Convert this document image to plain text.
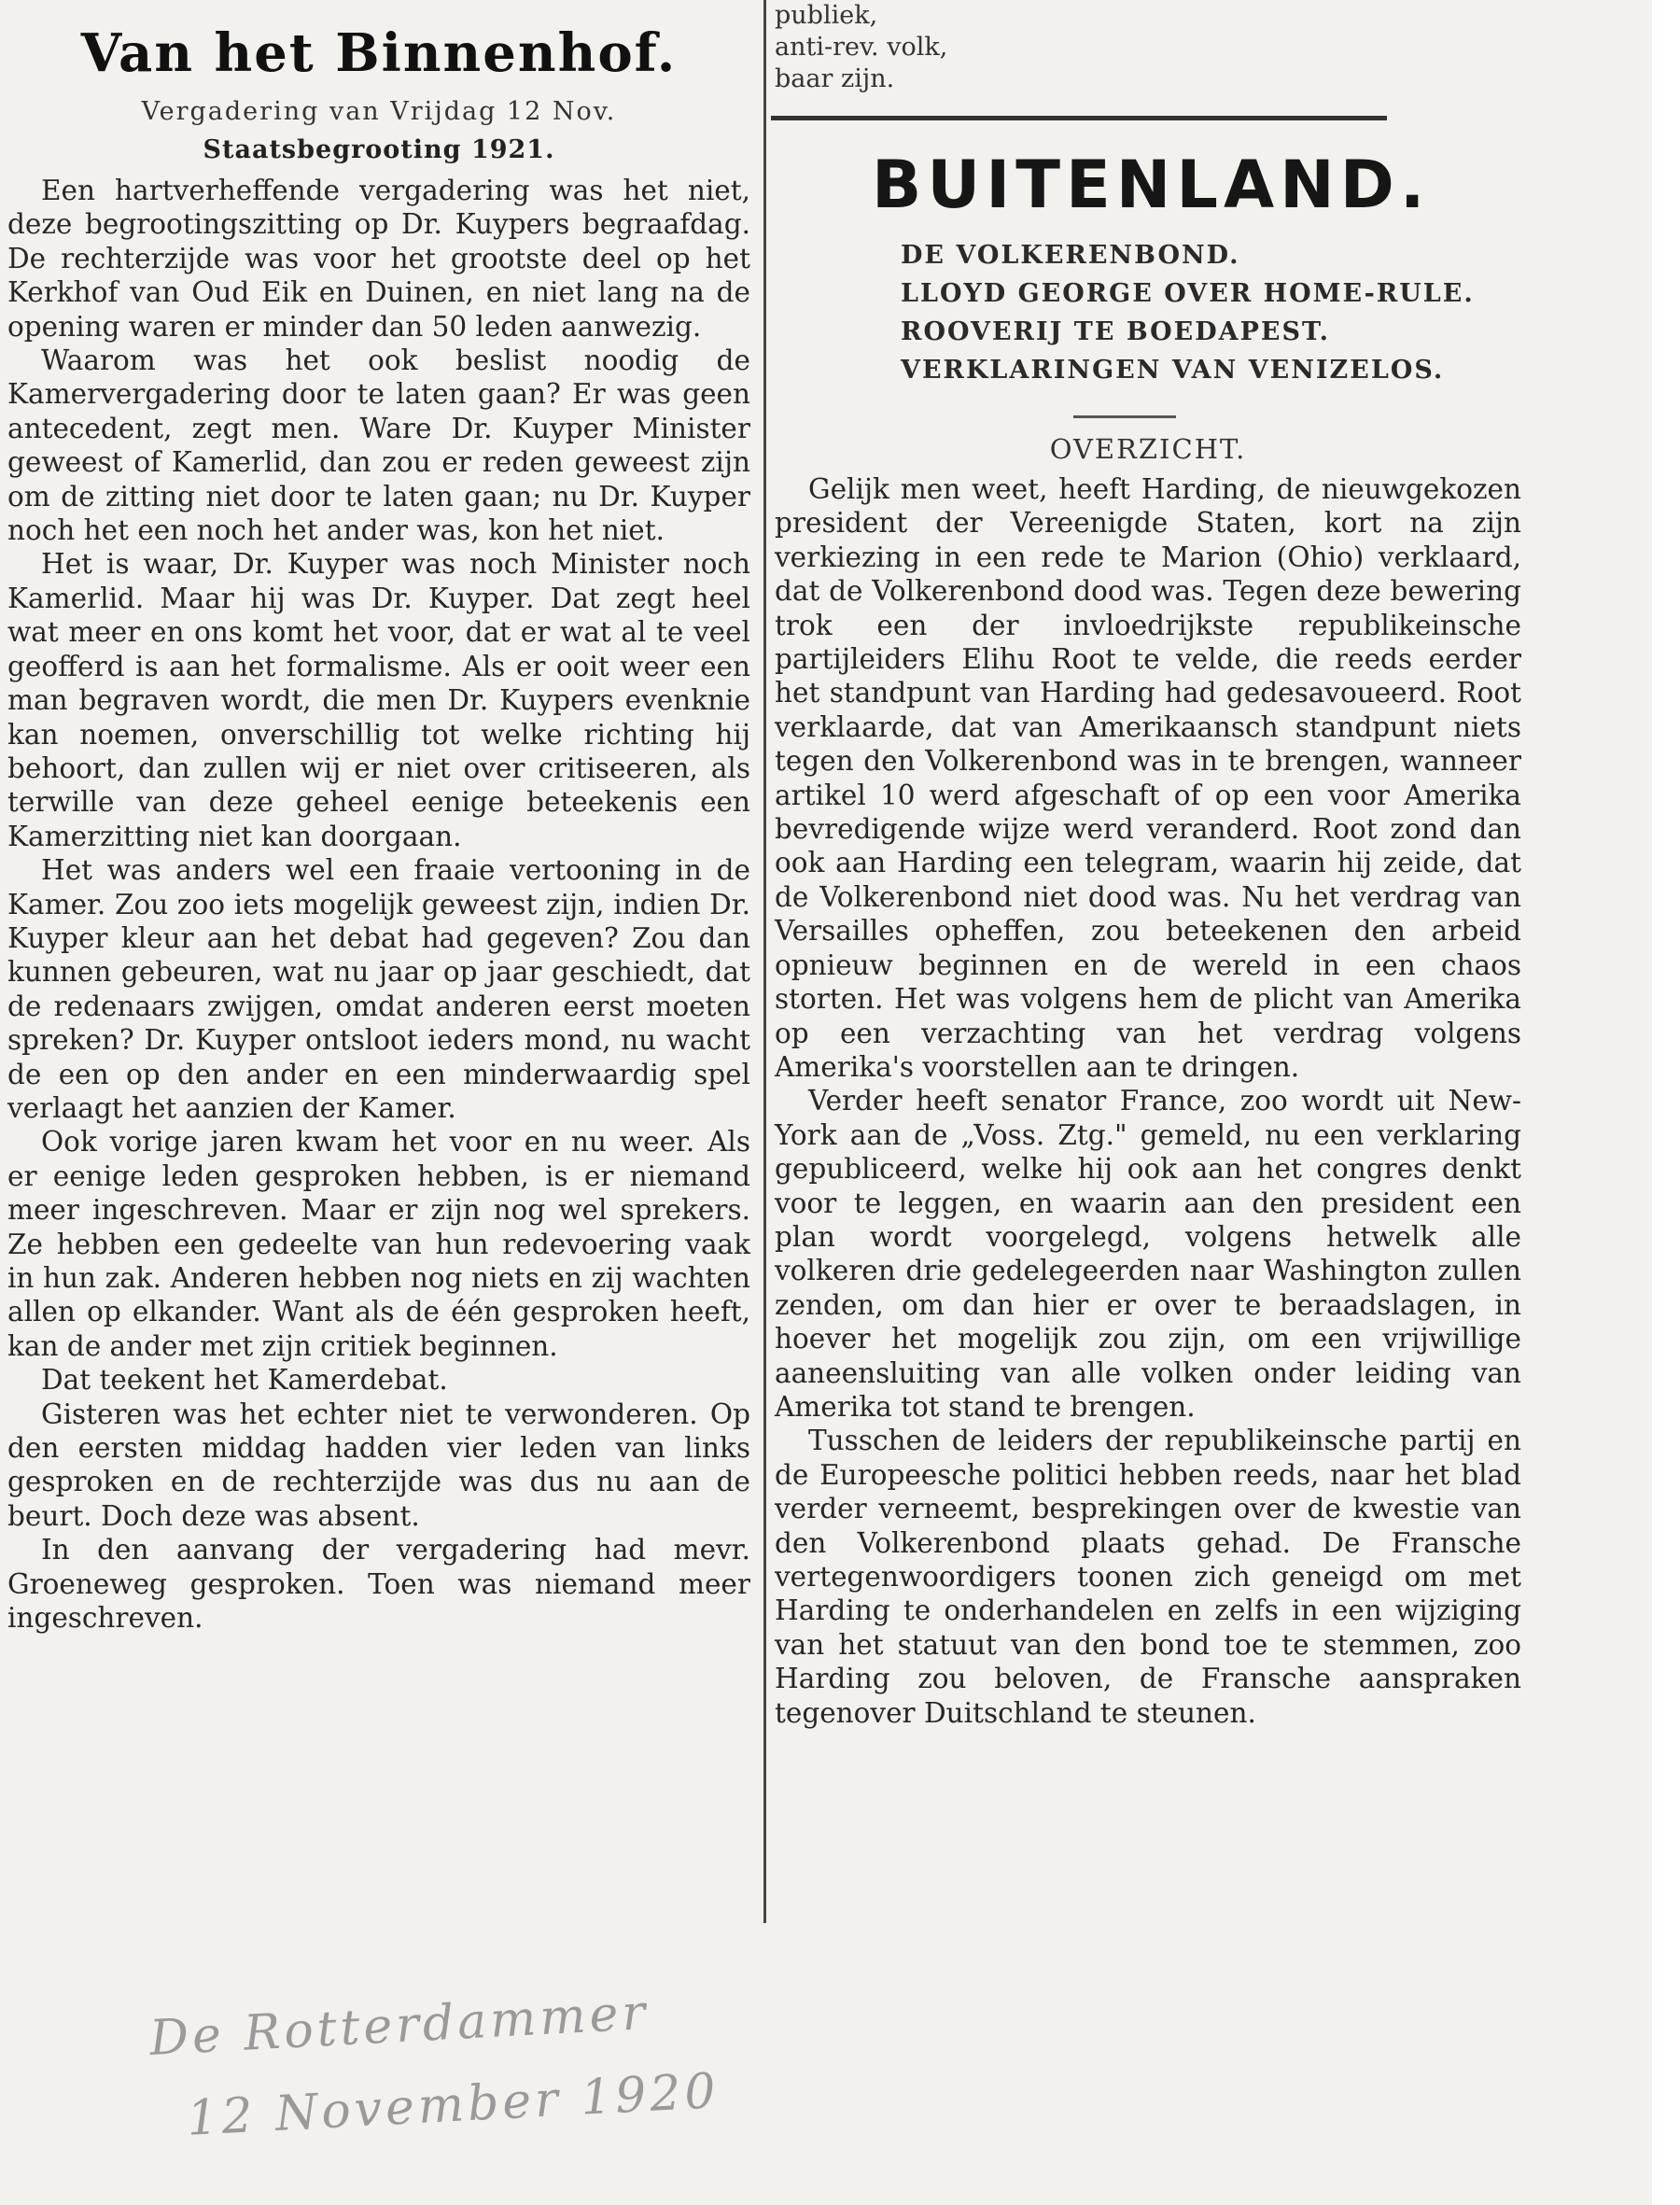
Van het Binnenhof.
Vergadering van Vrijdag 12 Nov.
Staatsbegrooting 1921.

Een hartverheffende vergadering was het niet, deze begrootingszitting op Dr. Kuypers begraafdag. De rechterzijde was voor het grootste deel op het Kerkhof van Oud Eik en Duinen, en niet lang na de opening waren er minder dan 50 leden aanwezig.

Waarom was het ook beslist noodig de Kamervergadering door te laten gaan? Er was geen antecedent, zegt men. Ware Dr. Kuyper Minister geweest of Kamerlid, dan zou er reden geweest zijn om de zitting niet door te laten gaan; nu Dr. Kuyper noch het een noch het ander was, kon het niet.

Het is waar, Dr. Kuyper was noch Minister noch Kamerlid. Maar hij was Dr. Kuyper. Dat zegt heel wat meer en ons komt het voor, dat er wat al te veel geofferd is aan het formalisme. Als er ooit weer een man begraven wordt, die men Dr. Kuypers evenknie kan noemen, onverschillig tot welke richting hij behoort, dan zullen wij er niet over critiseeren, als terwille van deze geheel eenige beteekenis een Kamerzitting niet kan doorgaan.

Het was anders wel een fraaie vertooning in de Kamer. Zou zoo iets mogelijk geweest zijn, indien Dr. Kuyper kleur aan het debat had gegeven? Zou dan kunnen gebeuren, wat nu jaar op jaar geschiedt, dat de redenaars zwijgen, omdat anderen eerst moeten spreken? Dr. Kuyper ontsloot ieders mond, nu wacht de een op den ander en een minderwaardig spel verlaagt het aanzien der Kamer.

Ook vorige jaren kwam het voor en nu weer. Als er eenige leden gesproken hebben, is er niemand meer ingeschreven. Maar er zijn nog wel sprekers. Ze hebben een gedeelte van hun redevoering vaak in hun zak. Anderen hebben nog niets en zij wachten allen op elkander. Want als de één gesproken heeft, kan de ander met zijn critiek beginnen.

Dat teekent het Kamerdebat.

Gisteren was het echter niet te verwonderen. Op den eersten middag hadden vier leden van links gesproken en de rechterzijde was dus nu aan de beurt. Doch deze was absent.

In den aanvang der vergadering had mevr. Groeneweg gesproken. Toen was niemand meer ingeschreven.

publiek,
anti-rev. volk,
baar zijn.
BUITENLAND.
DE VOLKERENBOND.
LLOYD GEORGE OVER HOME-RULE.
ROOVERIJ TE BOEDAPEST.
VERKLARINGEN VAN VENIZELOS.
OVERZICHT.

Gelijk men weet, heeft Harding, de nieuwgekozen president der Vereenigde Staten, kort na zijn verkiezing in een rede te Marion (Ohio) verklaard, dat de Volkerenbond dood was. Tegen deze bewering trok een der invloedrijkste republikeinsche partijleiders Elihu Root te velde, die reeds eerder het standpunt van Harding had gedesavoueerd. Root verklaarde, dat van Amerikaansch standpunt niets tegen den Volkerenbond was in te brengen, wanneer artikel 10 werd afgeschaft of op een voor Amerika bevredigende wijze werd veranderd. Root zond dan ook aan Harding een telegram, waarin hij zeide, dat de Volkerenbond niet dood was. Nu het verdrag van Versailles opheffen, zou beteekenen den arbeid opnieuw beginnen en de wereld in een chaos storten. Het was volgens hem de plicht van Amerika op een verzachting van het verdrag volgens Amerika's voorstellen aan te dringen.

Verder heeft senator France, zoo wordt uit New-York aan de „Voss. Ztg." gemeld, nu een verklaring gepubliceerd, welke hij ook aan het congres denkt voor te leggen, en waarin aan den president een plan wordt voorgelegd, volgens hetwelk alle volkeren drie gedelegeerden naar Washington zullen zenden, om dan hier er over te beraadslagen, in hoever het mogelijk zou zijn, om een vrijwillige aaneensluiting van alle volken onder leiding van Amerika tot stand te brengen.

Tusschen de leiders der republikeinsche partij en de Europeesche politici hebben reeds, naar het blad verder verneemt, besprekingen over de kwestie van den Volkerenbond plaats gehad. De Fransche vertegenwoordigers toonen zich geneigd om met Harding te onderhandelen en zelfs in een wijziging van het statuut van den bond toe te stemmen, zoo Harding zou beloven, de Fransche aanspraken tegenover Duitschland te steunen.

De Rotterdammer
12 November 1920
